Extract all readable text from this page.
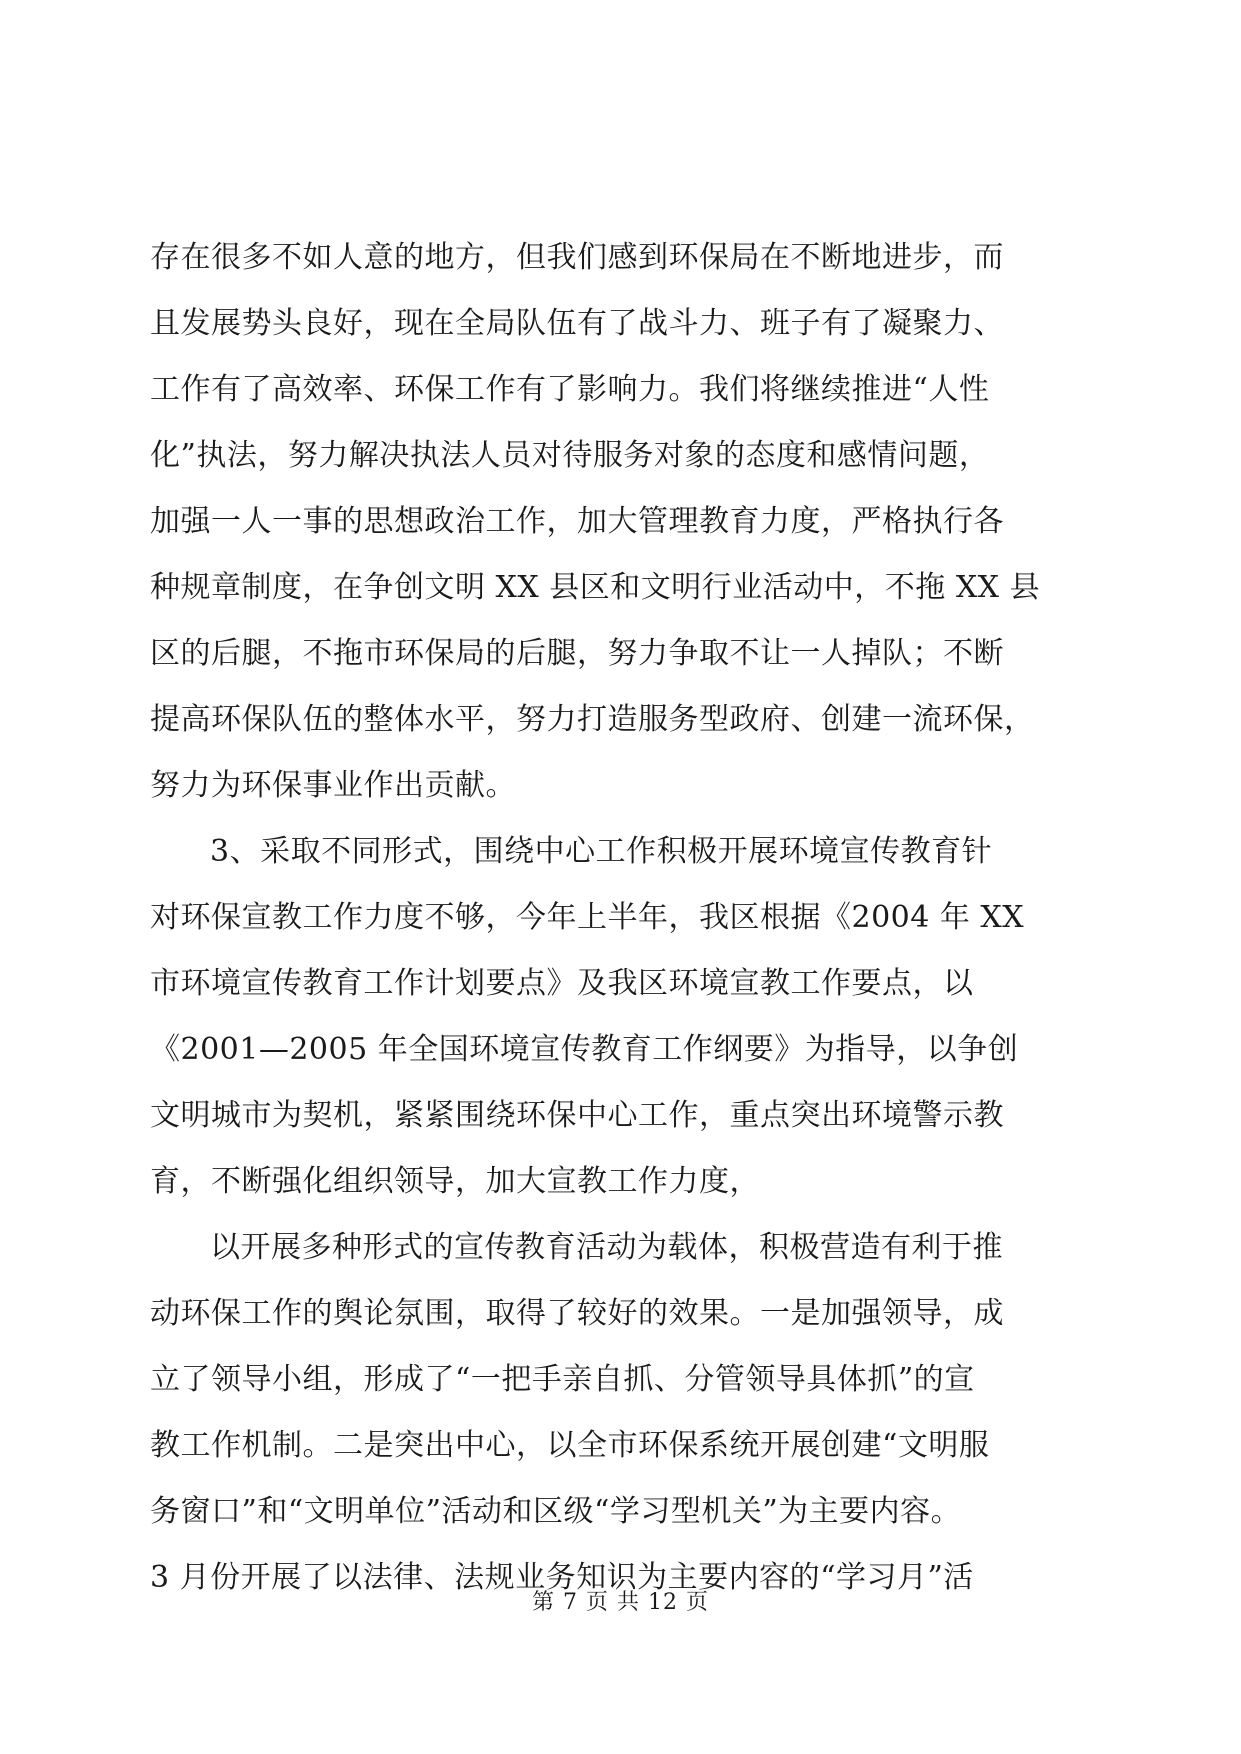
存在很多不如人意的地方，但我们感到环保局在不断地进步，而
且发展势头良好，现在全局队伍有了战斗力、班子有了凝聚力、
工作有了高效率、环保工作有了影响力。我们将继续推进“人性
化”执法，努力解决执法人员对待服务对象的态度和感情问题，
加强一人一事的思想政治工作，加大管理教育力度，严格执行各
种规章制度，在争创文明 XX 县区和文明行业活动中，不拖 XX 县
区的后腿，不拖市环保局的后腿，努力争取不让一人掉队；不断
提高环保队伍的整体水平，努力打造服务型政府、创建一流环保，
努力为环保事业作出贡献。
3、采取不同形式，围绕中心工作积极开展环境宣传教育针
对环保宣教工作力度不够，今年上半年，我区根据《2004 年 XX
市环境宣传教育工作计划要点》及我区环境宣教工作要点，以
《2001—2005 年全国环境宣传教育工作纲要》为指导，以争创
文明城市为契机，紧紧围绕环保中心工作，重点突出环境警示教
育，不断强化组织领导，加大宣教工作力度，
以开展多种形式的宣传教育活动为载体，积极营造有利于推
动环保工作的舆论氛围，取得了较好的效果。一是加强领导，成
立了领导小组，形成了“一把手亲自抓、分管领导具体抓”的宣
教工作机制。二是突出中心，以全市环保系统开展创建“文明服
务窗口”和“文明单位”活动和区级“学习型机关”为主要内容。
3 月份开展了以法律、法规业务知识为主要内容的“学习月”活
第 7 页 共 12 页
